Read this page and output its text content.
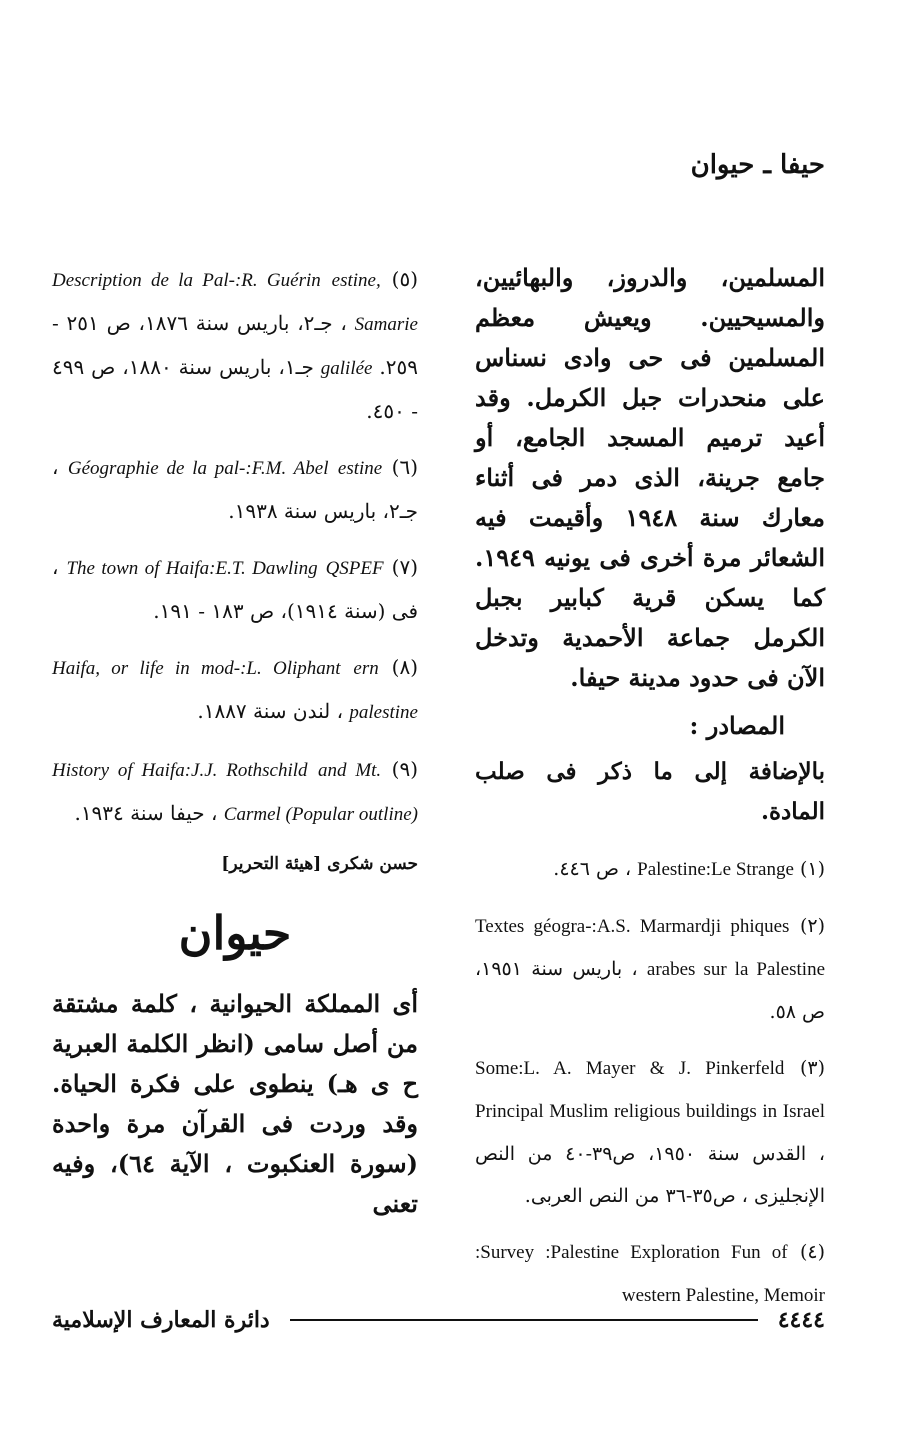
حيفا ـ حيوان

المسلمين، والدروز، والبهائيين، والمسيحيين. ويعيش معظم المسلمين فى حى وادى نسناس على منحدرات جبل الكرمل. وقد أعيد ترميم المسجد الجامع، أو جامع جرينة، الذى دمر فى أثناء معارك سنة ١٩٤٨ وأقيمت فيه الشعائر مرة أخرى فى يونيه ١٩٤٩. كما يسكن قرية كبابير بجبل الكرمل جماعة الأحمدية وتدخل الآن فى حدود مدينة حيفا.

المصادر :

بالإضافة إلى ما ذكر فى صلب المادة.

(١) Palestine:Le Strange ، ص ٤٤٦.
(٢) Textes géogra-:A.S. Marmardji phiques arabes sur la Palestine ، باريس سنة ١٩٥١، ص ٥٨.
(٣) Some:L. A. Mayer & J. Pinkerfeld Principal Muslim religious buildings in Israel ، القدس سنة ١٩٥٠، ص٣٩-٤٠ من النص الإنجليزى ، ص٣٥-٣٦ من النص العربى.
(٤) :Survey :Palestine Exploration Fun of western Palestine, Memoir
(٥) Description de la Pal-:R. Guérin estine, Samarie ، جـ٢، باريس سنة ١٨٧٦، ص ٢٥١ - ٢٥٩. galilée جـ١، باريس سنة ١٨٨٠، ص ٤٩٩ - ٤٥٠.
(٦) Géographie de la pal-:F.M. Abel estine ، جـ٢، باريس سنة ١٩٣٨.
(٧) The town of Haifa:E.T. Dawling QSPEF ، فى (سنة ١٩١٤)، ص ١٨٣ - ١٩١.
(٨) Haifa, or life in mod-:L. Oliphant ern palestine ، لندن سنة ١٨٨٧.
(٩) History of Haifa:J.J. Rothschild and Mt. Carmel (Popular outline) ، حيفا سنة ١٩٣٤.
حسن شكرى [هيئة التحرير]
حيوان

أى المملكة الحيوانية ، كلمة مشتقة من أصل سامى (انظر الكلمة العبرية ح ى هـ) ينطوى على فكرة الحياة. وقد وردت فى القرآن مرة واحدة (سورة العنكبوت ، الآية ٦٤)، وفيه تعنى

٤٤٤٤
دائرة المعارف الإسلامية
